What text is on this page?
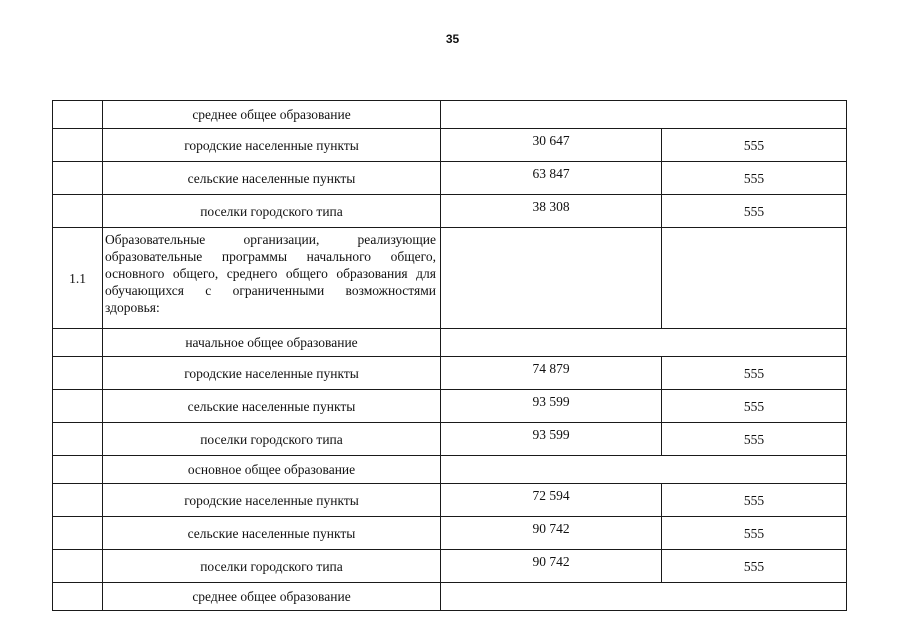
35
	среднее общее образование		
	городские населенные пункты	30 647	555
	сельские населенные пункты	63 847	555
	поселки городского типа	38 308	555
1.1	Образовательные организации, реализующие образовательные программы начального общего, основного общего, среднего общего образования для обучающихся с ограниченными возможностями здоровья:		
	начальное общее образование		
	городские населенные пункты	74 879	555
	сельские населенные пункты	93 599	555
	поселки городского типа	93 599	555
	основное общее образование		
	городские населенные пункты	72 594	555
	сельские населенные пункты	90 742	555
	поселки городского типа	90 742	555
	среднее общее образование		
